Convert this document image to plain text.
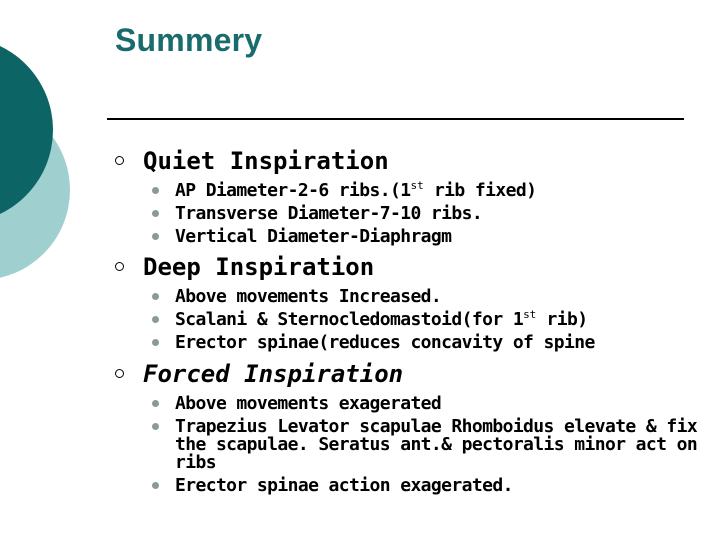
Summery
Quiet Inspiration
AP Diameter-2-6 ribs.(1st rib fixed)
Transverse Diameter-7-10 ribs.
Vertical Diameter-Diaphragm
Deep Inspiration
Above movements Increased.
Scalani & Sternocledomastoid(for 1st rib)
Erector spinae(reduces concavity of spine
Forced Inspiration
Above movements exagerated
Trapezius Levator scapulae Rhomboidus elevate & fix the scapulae. Seratus ant.& pectoralis minor act on ribs
Erector spinae action exagerated.
